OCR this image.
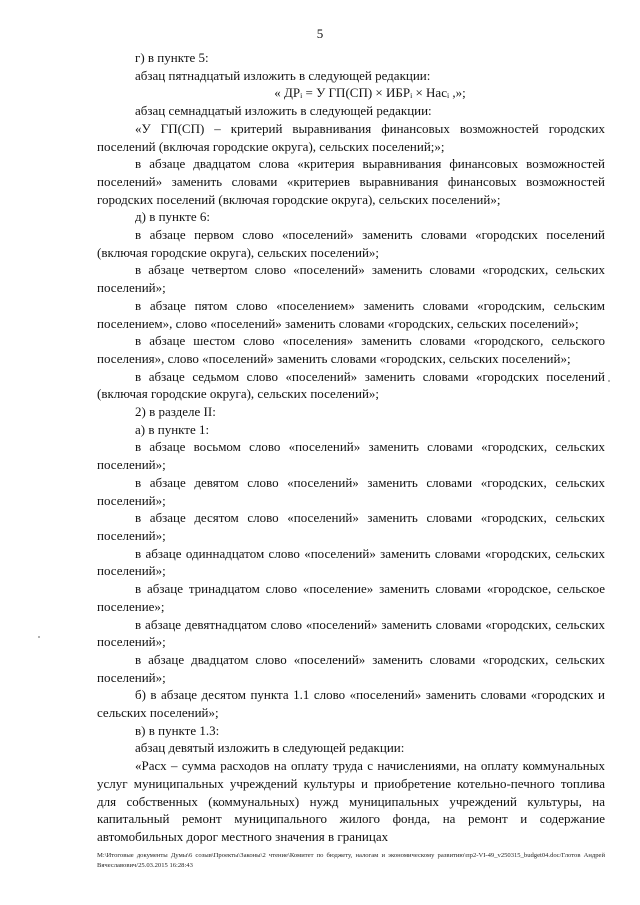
5

г) в пункте 5:

абзац пятнадцатый изложить в следующей редакции:

« ДРᵢ = У ГП(СП) × ИБРᵢ × Насᵢ ,»;

абзац семнадцатый изложить в следующей редакции:

«У ГП(СП) – критерий выравнивания финансовых возможностей городских поселений (включая городские округа), сельских поселений;»;

в абзаце двадцатом слова «критерия выравнивания финансовых возможностей поселений» заменить словами «критериев выравнивания финансовых возможностей городских поселений (включая городские округа), сельских поселений»;

д) в пункте 6:

в абзаце первом слово «поселений» заменить словами «городских поселений (включая городские округа), сельских поселений»;

в абзаце четвертом слово «поселений» заменить словами «городских, сельских поселений»;

в абзаце пятом слово «поселением» заменить словами «городским, сельским поселением», слово «поселений» заменить словами «городских, сельских поселений»;

в абзаце шестом слово «поселения» заменить словами «городского, сельского поселения», слово «поселений» заменить словами «городских, сельских поселений»;

в абзаце седьмом слово «поселений» заменить словами «городских поселений (включая городские округа), сельских поселений»;

2) в разделе II:

а) в пункте 1:

в абзаце восьмом слово «поселений» заменить словами «городских, сельских поселений»;

в абзаце девятом слово «поселений» заменить словами «городских, сельских поселений»;

в абзаце десятом слово «поселений» заменить словами «городских, сельских поселений»;

в абзаце одиннадцатом слово «поселений» заменить словами «городских, сельских поселений»;

в абзаце тринадцатом слово «поселение» заменить словами «городское, сельское поселение»;

в абзаце девятнадцатом слово «поселений» заменить словами «городских, сельских поселений»;

в абзаце двадцатом слово «поселений» заменить словами «городских, сельских поселений»;

б) в абзаце десятом пункта 1.1 слово «поселений» заменить словами «городских и сельских поселений»;

в) в пункте 1.3:

абзац девятый изложить в следующей редакции:

«Расх – сумма расходов на оплату труда с начислениями, на оплату коммунальных услуг муниципальных учреждений культуры и приобретение котельно-печного топлива для собственных (коммунальных) нужд муниципальных учреждений культуры, на капитальный ремонт муниципального жилого фонда, на ремонт и содержание автомобильных дорог местного значения в границах

М:\Итоговые документы Думы\6 созыв\Проекты\Законы\2 чтение\Комитет по бюджету, налогам и экономическому развитию\пр2-VI-49_v250315_budget04.doc/Глотов Андрей Вячеславович/25.03.2015 16:28:43
